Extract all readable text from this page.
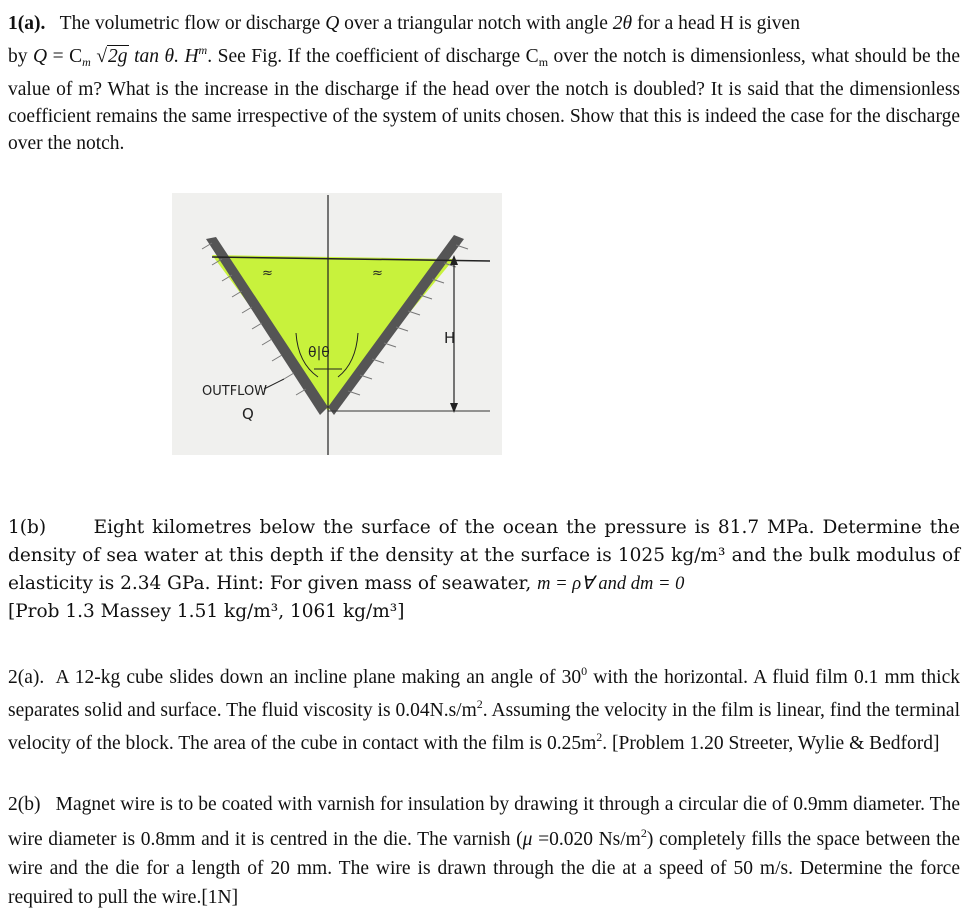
1(a). The volumetric flow or discharge Q over a triangular notch with angle 2θ for a head H is given
by $Q = C_m$ √2g tan θ. $H^m$. See Fig. If the coefficient of discharge $C_m$ over the notch is dimensionless, what should be the value of m? What is the increase in the discharge if the head over the notch is doubled? It is said that the dimensionless coefficient remains the same irrespective of the system of units chosen. Show that this is indeed the case for the discharge over the notch.
H
≈	≈
θ|θ
OUTFLOW
Q
1(b)	Eight kilometres below the surface of the ocean the pressure is 81.7 MPa. Determine the density of sea water at this depth if the density at the surface is 1025 kg/m³ and the bulk modulus of elasticity is 2.34 GPa. Hint: For given mass of seawater, m = ρ∀ and dm = 0
[Prob 1.3 Massey 1.51 kg/m³, 1061 kg/m³]
2(a). A 12-kg cube slides down an incline plane making an angle of $30^0$ with the horizontal. A fluid film 0.1 mm thick separates solid and surface. The fluid viscosity is $0.04N.s/m^2$. Assuming the velocity in the film is linear, find the terminal velocity of the block. The area of the cube in contact with the film is $0.25m^2$. [Problem 1.20 Streeter, Wylie & Bedford]
2(b) Magnet wire is to be coated with varnish for insulation by drawing it through a circular die of 0.9mm diameter. The wire diameter is 0.8mm and it is centred in the die. The varnish (μ =0.020 $Ns/m^2$) completely fills the space between the wire and the die for a length of 20 mm. The wire is drawn through the die at a speed of 50 m/s. Determine the force required to pull the wire.[1N]
